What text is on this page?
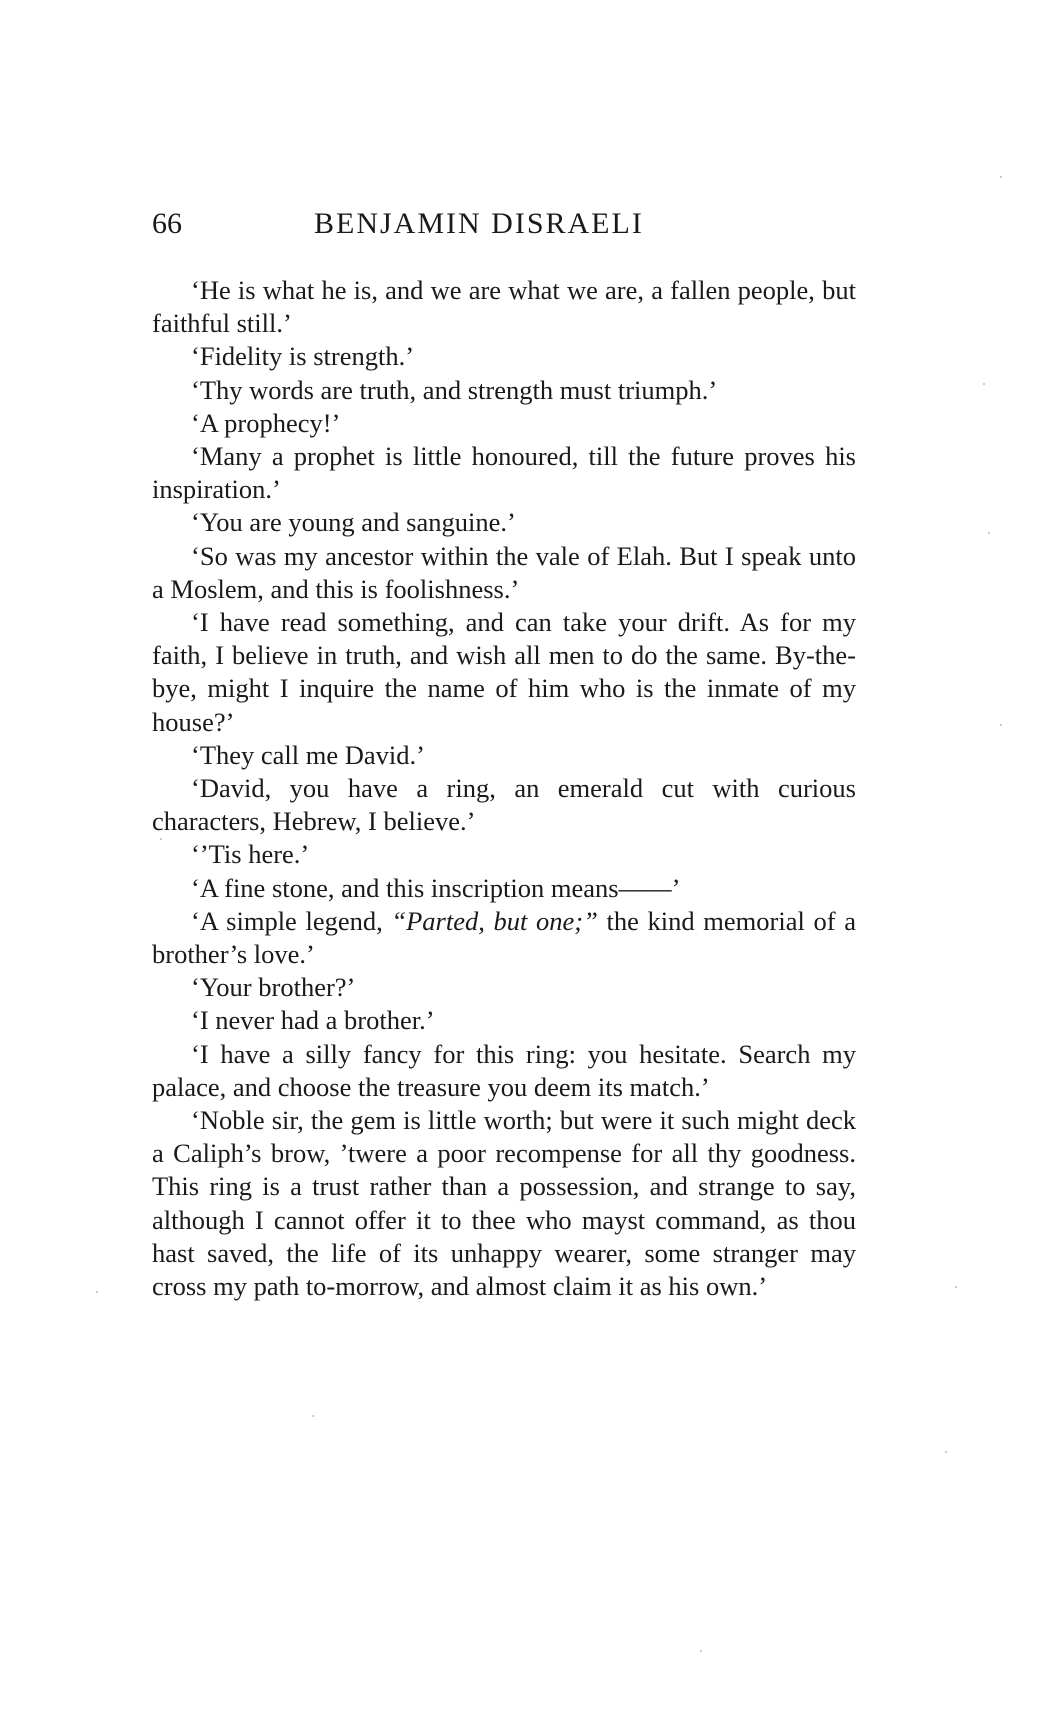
66	BENJAMIN DISRAELI

‘He is what he is, and we are what we are, a fallen people, but faithful still.’

‘Fidelity is strength.’

‘Thy words are truth, and strength must triumph.’

‘A prophecy!’

‘Many a prophet is little honoured, till the future proves his inspiration.’

‘You are young and sanguine.’

‘So was my ancestor within the vale of Elah. But I speak unto a Moslem, and this is foolishness.’

‘I have read something, and can take your drift. As for my faith, I believe in truth, and wish all men to do the same. By-the-bye, might I inquire the name of him who is the inmate of my house?’

‘They call me David.’

‘David, you have a ring, an emerald cut with curious characters, Hebrew, I believe.’

‘’Tis here.’

‘A fine stone, and this inscription means——’

‘A simple legend, “Parted, but one;” the kind memorial of a brother’s love.’

‘Your brother?’

‘I never had a brother.’

‘I have a silly fancy for this ring: you hesitate. Search my palace, and choose the treasure you deem its match.’

‘Noble sir, the gem is little worth; but were it such might deck a Caliph’s brow, ’twere a poor recompense for all thy goodness. This ring is a trust rather than a possession, and strange to say, although I cannot offer it to thee who mayst command, as thou hast saved, the life of its unhappy wearer, some stranger may cross my path to-morrow, and almost claim it as his own.’
